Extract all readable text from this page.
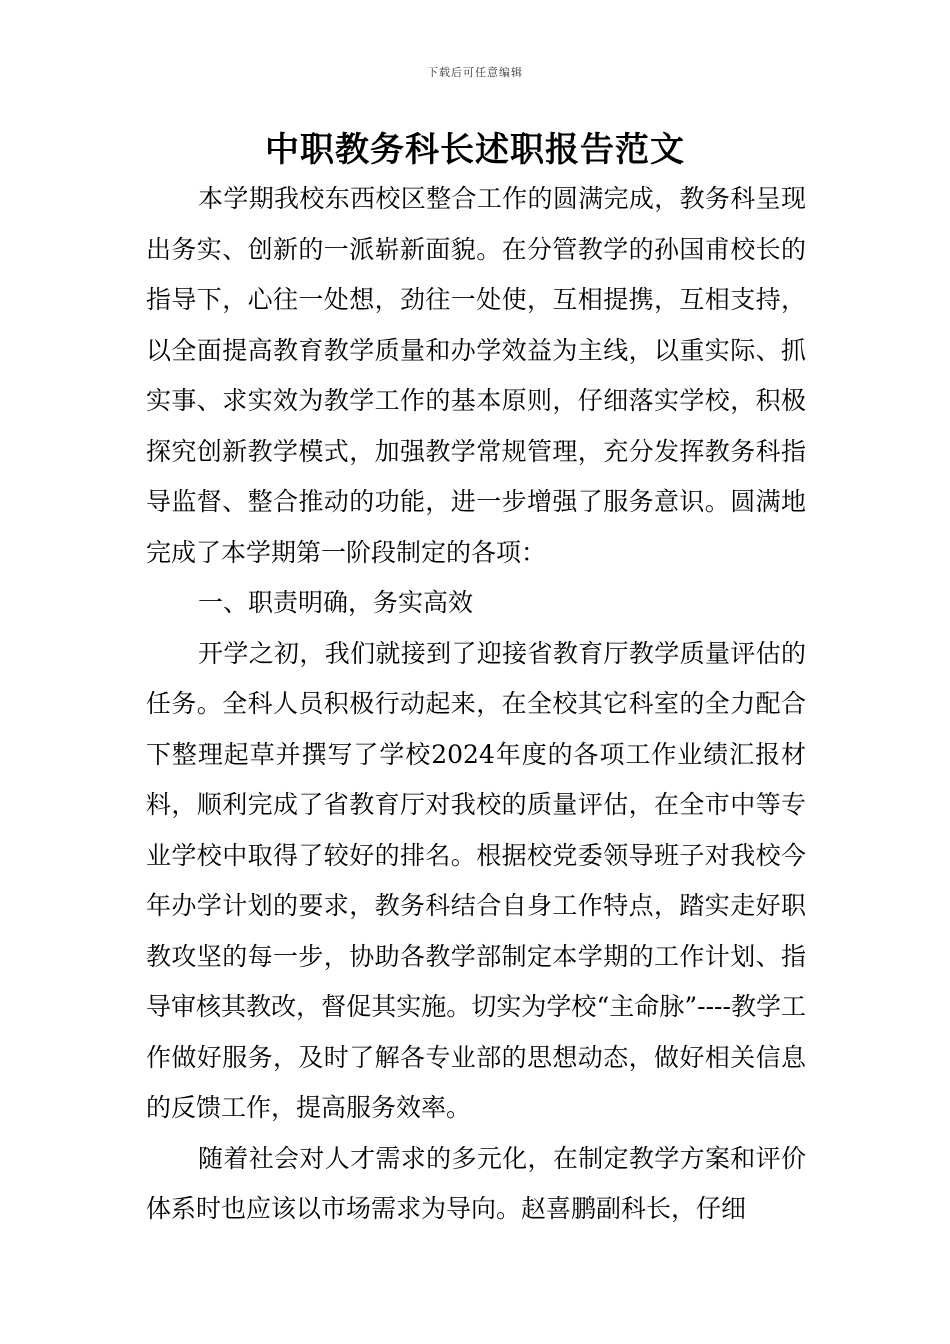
下载后可任意编辑
中职教务科长述职报告范文

本学期我校东西校区整合工作的圆满完成，教务科呈现出务实、创新的一派崭新面貌。在分管教学的孙国甫校长的指导下，心往一处想，劲往一处使，互相提携，互相支持，以全面提高教育教学质量和办学效益为主线，以重实际、抓实事、求实效为教学工作的基本原则，仔细落实学校，积极探究创新教学模式，加强教学常规管理，充分发挥教务科指导监督、整合推动的功能，进一步增强了服务意识。圆满地完成了本学期第一阶段制定的各项：

一、职责明确，务实高效

开学之初，我们就接到了迎接省教育厅教学质量评估的任务。全科人员积极行动起来，在全校其它科室的全力配合下整理起草并撰写了学校2024年度的各项工作业绩汇报材料，顺利完成了省教育厅对我校的质量评估，在全市中等专业学校中取得了较好的排名。根据校党委领导班子对我校今年办学计划的要求，教务科结合自身工作特点，踏实走好职教攻坚的每一步，协助各教学部制定本学期的工作计划、指导审核其教改，督促其实施。切实为学校“主命脉”----教学工作做好服务，及时了解各专业部的思想动态，做好相关信息的反馈工作，提高服务效率。

随着社会对人才需求的多元化，在制定教学方案和评价体系时也应该以市场需求为导向。赵喜鹏副科长，仔细
